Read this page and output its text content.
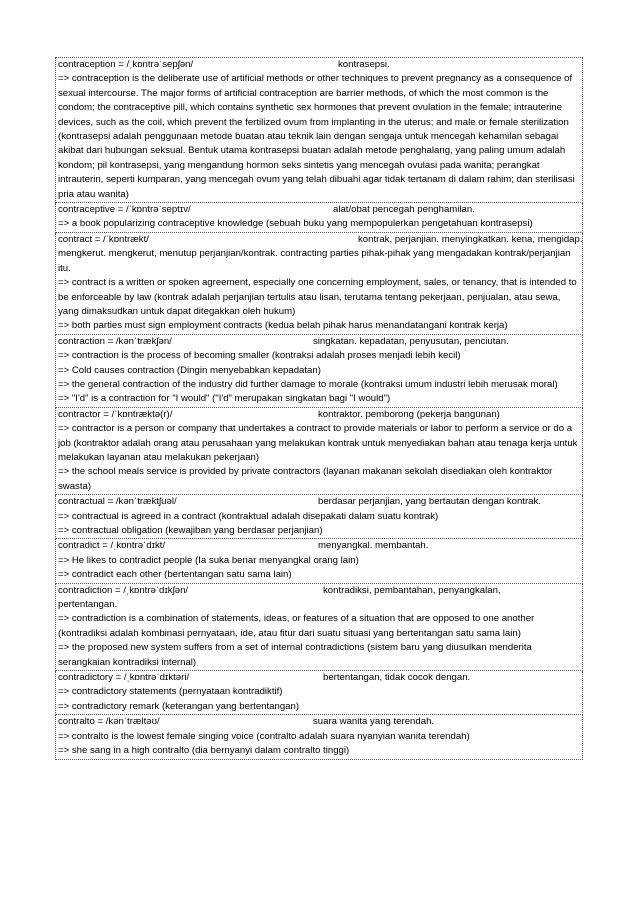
contraception = /ˌkɒntrəˈsepʃən/	kontrasepsi.
=> contraception is the deliberate use of artificial methods or other techniques to prevent pregnancy as a consequence of sexual intercourse. The major forms of artificial contraception are barrier methods, of which the most common is the condom; the contraceptive pill, which contains synthetic sex hormones that prevent ovulation in the female; intrauterine devices, such as the coil, which prevent the fertilized ovum from implanting in the uterus; and male or female sterilization (kontrasepsi adalah penggunaan metode buatan atau teknik lain dengan sengaja untuk mencegah kehamilan sebagai akibat dari hubungan seksual. Bentuk utama kontrasepsi buatan adalah metode penghalang, yang paling umum adalah kondom; pil kontrasepsi, yang mengandung hormon seks sintetis yang mencegah ovulasi pada wanita; perangkat intrauterin, seperti kumparan, yang mencegah ovum yang telah dibuahi agar tidak tertanam di dalam rahim; dan sterilisasi pria atau wanita)
contraceptive = /ˈkɒntrəˈseptɪv/	alat/obat pencegah penghamilan.
=> a book popularizing contraceptive knowledge (sebuah buku yang mempopulerkan pengetahuan kontrasepsi)
contract = /ˈkɒntrækt/	kontrak, perjanjian. menyingkatkan. kena, mengidap.
mengkerut. mengkerut, menutup perjanjian/kontrak. contracting parties pihak-pihak yang mengadakan kontrak/perjanjian itu.
=> contract is a written or spoken agreement, especially one concerning employment, sales, or tenancy, that is intended to be enforceable by law (kontrak adalah perjanjian tertulis atau lisan, terutama tentang pekerjaan, penjualan, atau sewa, yang dimaksudkan untuk dapat ditegakkan oleh hukum)
=> both parties must sign employment contracts (kedua belah pihak harus menandatangani kontrak kerja)
contraction = /kənˈtrækʃən/	singkatan. kepadatan, penyusutan, penciutan.
=> contraction is the process of becoming smaller (kontraksi adalah proses menjadi lebih kecil)
=> Cold causes contraction (Dingin menyebabkan kepadatan)
=> the general contraction of the industry did further damage to morale (kontraksi umum industri lebih merusak moral)
=> "I'd" is a contraction for "I would" ("I'd" merupakan singkatan bagi "I would")
contractor = /ˈkɒntræktə(r)/	kontraktor. pemborong (pekerja bangunan)
=> contractor is a person or company that undertakes a contract to provide materials or labor to perform a service or do a job (kontraktor adalah orang atau perusahaan yang melakukan kontrak untuk menyediakan bahan atau tenaga kerja untuk melakukan layanan atau melakukan pekerjaan)
=> the school meals service is provided by private contractors (layanan makanan sekolah disediakan oleh kontraktor swasta)
contractual = /kənˈtræktʃuəl/	berdasar perjanjian, yang bertautan dengan kontrak.
=> contractual is agreed in a contract (kontraktual adalah disepakati dalam suatu kontrak)
=> contractual obligation (kewajiban yang berdasar perjanjian)
contradict = /ˌkɒntrəˈdɪkt/	menyangkal. membantah.
=> He likes to contradict people (Ia suka benar menyangkal orang lain)
=> contradict each other (bertentangan satu sama lain)
contradiction = /ˌkɒntrəˈdɪkʃən/	kontradiksi, pembantahan, penyangkalan,
pertentangan.
=> contradiction is a combination of statements, ideas, or features of a situation that are opposed to one another (kontradiksi adalah kombinasi pernyataan, ide, atau fitur dari suatu situasi yang bertentangan satu sama lain)
=> the proposed new system suffers from a set of internal contradictions (sistem baru yang diusulkan menderita serangkaian kontradiksi internal)
contradictory = /ˌkɒntrəˈdɪktəri/	bertentangan, tidak cocok dengan.
=> contradictory statements (pernyataan kontradiktif)
=> contradictory remark (keterangan yang bertentangan)
contralto = /kənˈtræltəʊ/	suara wanita yang terendah.
=> contralto is the lowest female singing voice (contralto adalah suara nyanyian wanita terendah)
=> she sang in a high contralto (dia bernyanyi dalam contralto tinggi)
